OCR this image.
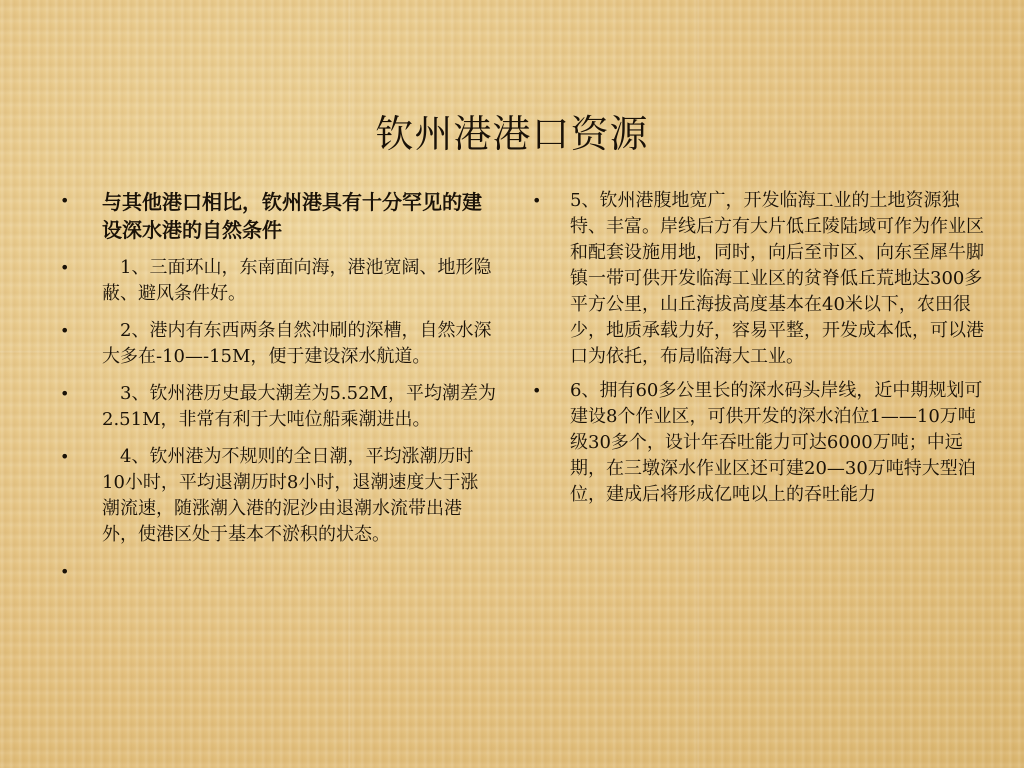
钦州港港口资源
• 与其他港口相比，钦州港具有十分罕见的建设深水港的自然条件
• 　1、三面环山，东南面向海，港池宽阔、地形隐蔽、避风条件好。
• 　2、港内有东西两条自然冲刷的深槽，自然水深大多在-10—-15M，便于建设深水航道。
• 　3、钦州港历史最大潮差为5.52M，平均潮差为2.51M，非常有利于大吨位船乘潮进出。
• 　4、钦州港为不规则的全日潮，平均涨潮历时10小时，平均退潮历时8小时，退潮速度大于涨潮流速，随涨潮入港的泥沙由退潮水流带出港外，使港区处于基本不淤积的状态。
•
• 5、钦州港腹地宽广，开发临海工业的土地资源独特、丰富。岸线后方有大片低丘陵陆域可作为作业区和配套设施用地，同时，向后至市区、向东至犀牛脚镇一带可供开发临海工业区的贫脊低丘荒地达300多平方公里，山丘海拔高度基本在40米以下，农田很少，地质承载力好，容易平整，开发成本低，可以港口为依托，布局临海大工业。
• 6、拥有60多公里长的深水码头岸线，近中期规划可建设8个作业区，可供开发的深水泊位1——10万吨级30多个，设计年吞吐能力可达6000万吨；中远期，在三墩深水作业区还可建20—30万吨特大型泊位，建成后将形成亿吨以上的吞吐能力
